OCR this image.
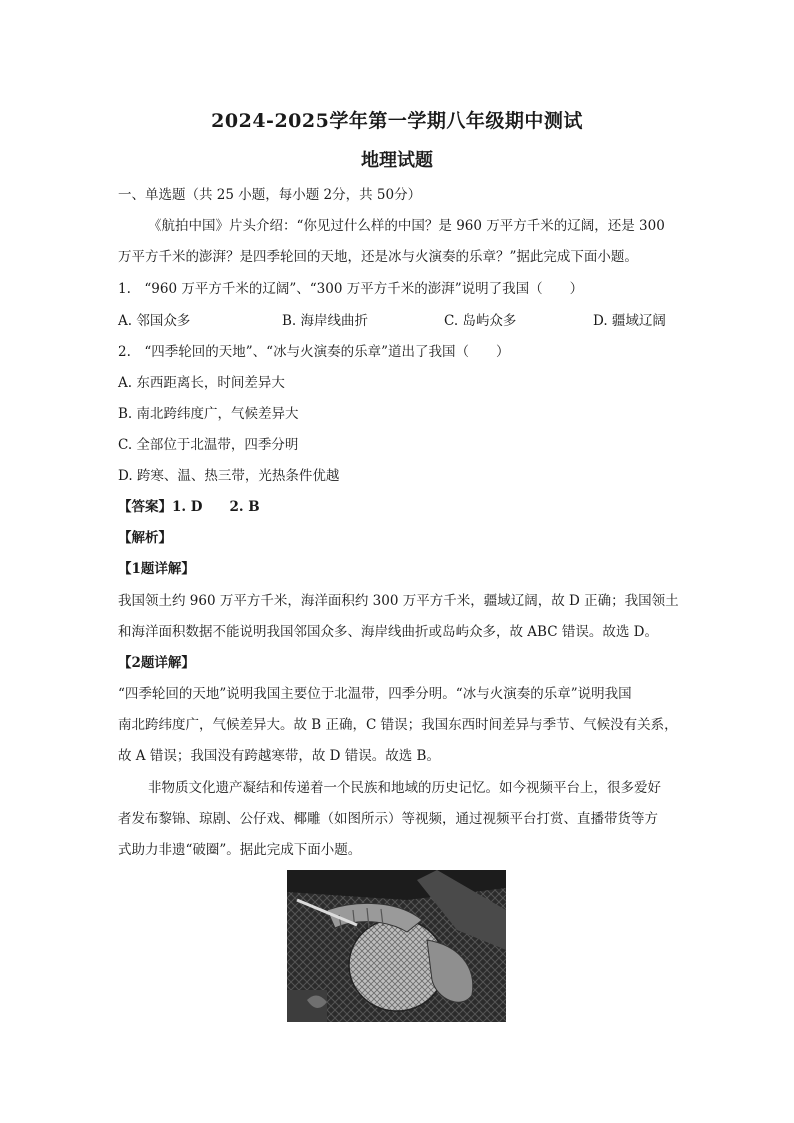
2024-2025学年第一学期八年级期中测试
地理试题
一、单选题（共 25 小题，每小题 2分，共 50分）
《航拍中国》片头介绍：“你见过什么样的中国？是 960 万平方千米的辽阔，还是 300
万平方千米的澎湃？是四季轮回的天地，还是冰与火演奏的乐章？”据此完成下面小题。
1.　“960 万平方千米的辽阔”、“300 万平方千米的澎湃”说明了我国（　　）
A. 邻国众多	B. 海岸线曲折	C. 岛屿众多	D. 疆域辽阔
2.　“四季轮回的天地”、“冰与火演奏的乐章”道出了我国（　　）
A. 东西距离长，时间差异大
B. 南北跨纬度广，气候差异大
C. 全部位于北温带，四季分明
D. 跨寒、温、热三带，光热条件优越
【答案】1. D　　2. B
【解析】
【1题详解】
我国领土约 960 万平方千米，海洋面积约 300 万平方千米，疆域辽阔，故 D 正确；我国领土
和海洋面积数据不能说明我国邻国众多、海岸线曲折或岛屿众多，故 ABC 错误。故选 D。
【2题详解】
“四季轮回的天地”说明我国主要位于北温带，四季分明。“冰与火演奏的乐章”说明我国
南北跨纬度广，气候差异大。故 B 正确，C 错误；我国东西时间差异与季节、气候没有关系，
故 A 错误；我国没有跨越寒带，故 D 错误。故选 B。
非物质文化遗产凝结和传递着一个民族和地域的历史记忆。如今视频平台上，很多爱好
者发布黎锦、琼剧、公仔戏、椰雕（如图所示）等视频，通过视频平台打赏、直播带货等方
式助力非遗“破圈”。据此完成下面小题。
